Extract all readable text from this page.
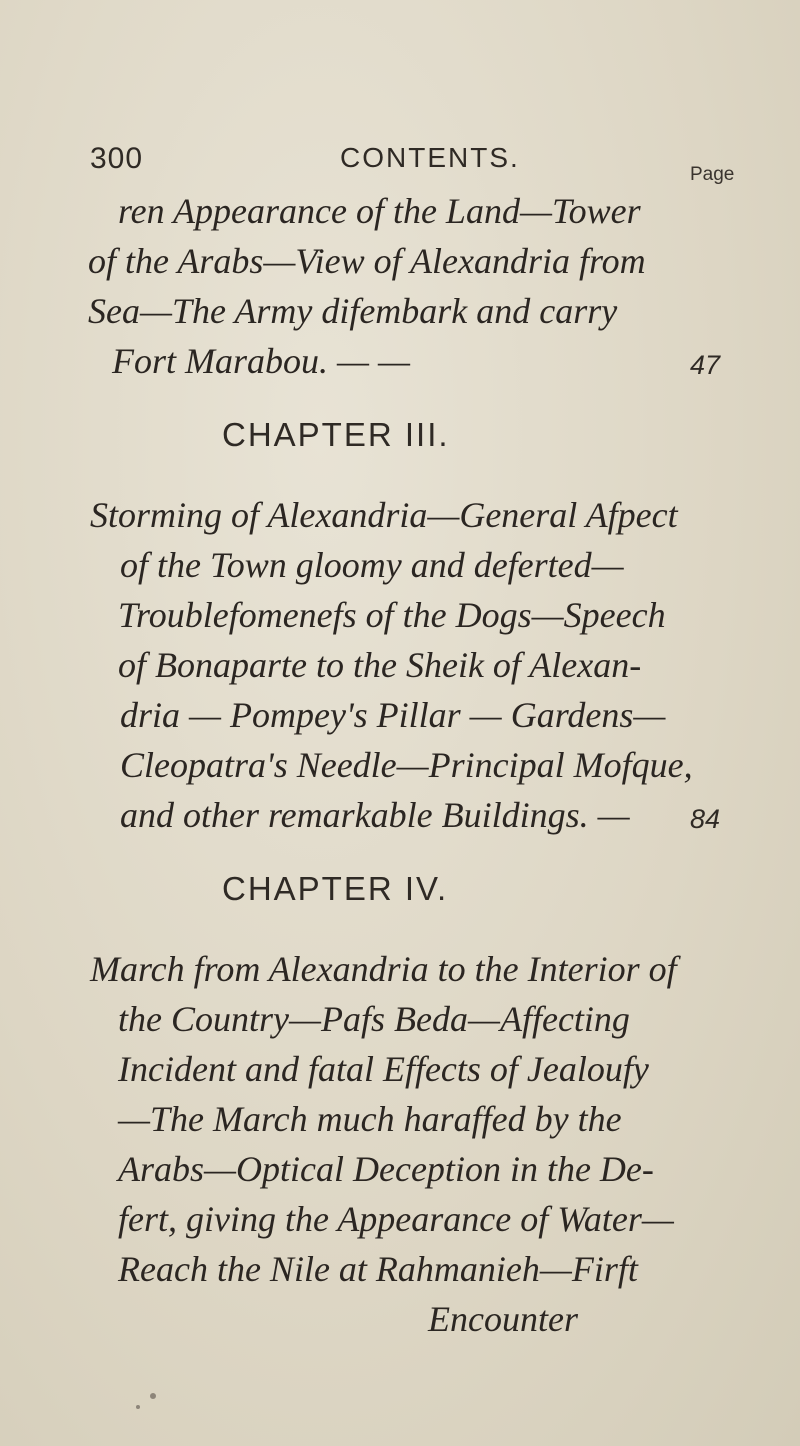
300	CONTENTS.
Page
ren Appearance of the Land—Tower
of the Arabs—View of Alexandria from
Sea—The Army difembark and carry
Fort Marabou. — —	47
CHAPTER III.
Storming of Alexandria—General Afpect
of the Town gloomy and deferted—
Troublefomenefs of the Dogs—Speech
of Bonaparte to the Sheik of Alexan-
dria — Pompey's Pillar — Gardens—
Cleopatra's Needle—Principal Mofque,
and other remarkable Buildings. — 84
CHAPTER IV.
March from Alexandria to the Interior of
the Country—Pafs Beda—Affecting
Incident and fatal Effects of Jealoufy
—The March much haraffed by the
Arabs—Optical Deception in the De-
fert, giving the Appearance of Water—
Reach the Nile at Rahmanieh—Firft
Encounter
